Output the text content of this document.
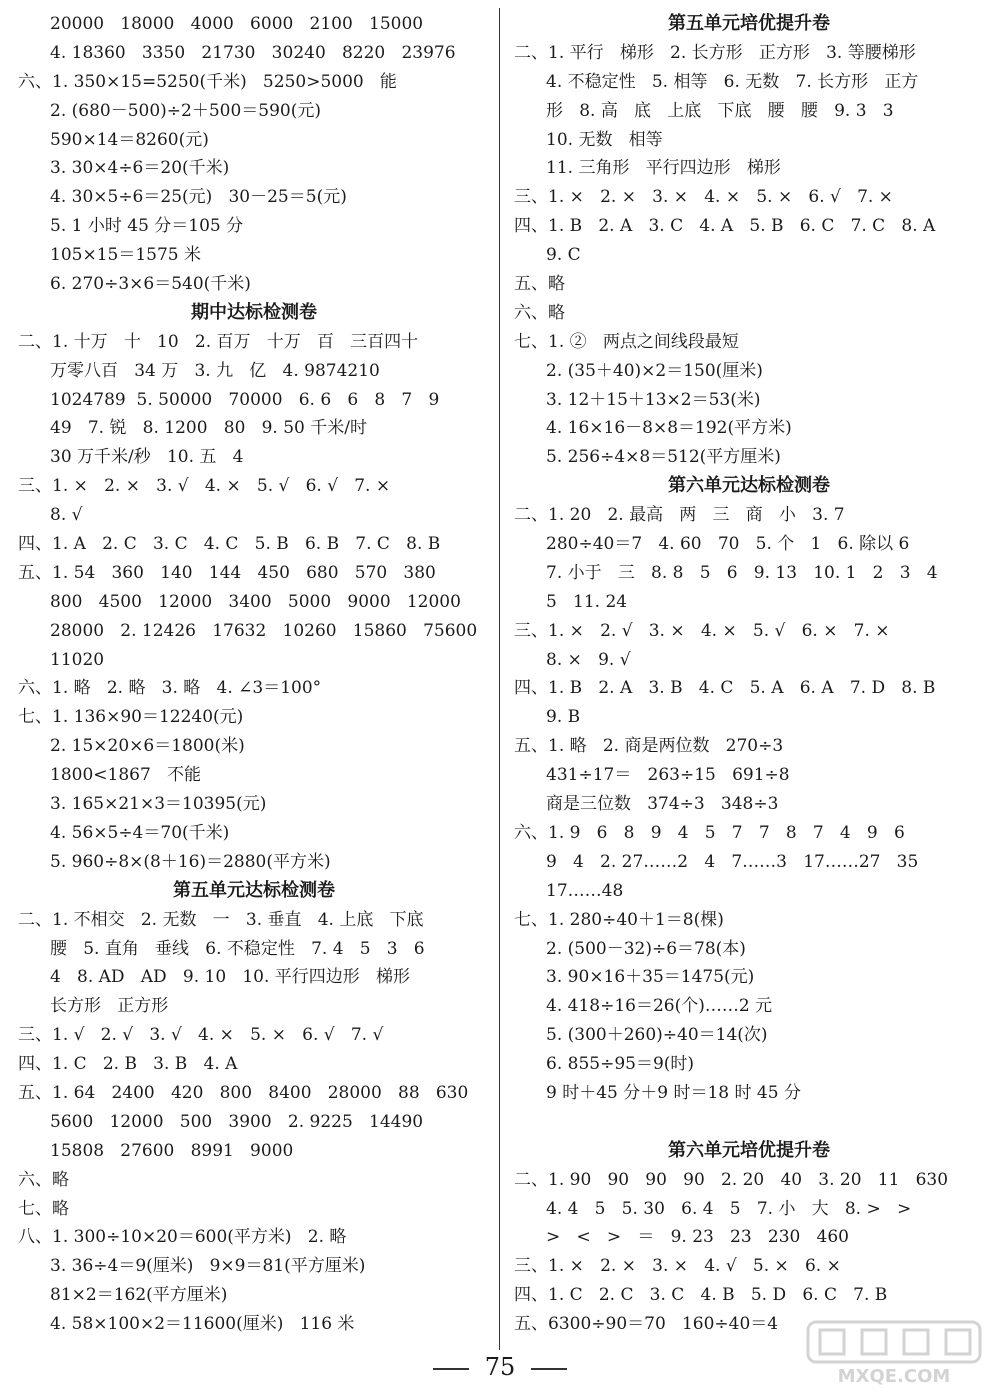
20000   18000   4000   6000   2100   15000
4. 18360   3350   21730   30240   8220   23976
六、1. 350×15=5250(千米)   5250>5000   能
2. (680－500)÷2＋500＝590(元)
590×14＝8260(元)
3. 30×4÷6＝20(千米)
4. 30×5÷6＝25(元)   30－25＝5(元)
5. 1 小时 45 分＝105 分
105×15＝1575 米
6. 270÷3×6＝540(千米)
期中达标检测卷
二、1. 十万   十   10   2. 百万   十万   百   三百四十
万零八百   34 万   3. 九   亿   4. 9874210
1024789  5. 50000   70000   6. 6   6   8   7   9
49   7. 锐   8. 1200   80   9. 50 千米/时
30 万千米/秒   10. 五   4
三、1. ×   2. ×   3. √   4. ×   5. √   6. √   7. ×
8. √
四、1. A   2. C   3. C   4. C   5. B   6. B   7. C   8. B
五、1. 54   360   140   144   450   680   570   380
800   4500   12000   3400   5000   9000   12000
28000   2. 12426   17632   10260   15860   75600
11020
六、1. 略   2. 略   3. 略   4. ∠3＝100°
七、1. 136×90＝12240(元)
2. 15×20×6＝1800(米)
1800<1867   不能
3. 165×21×3＝10395(元)
4. 56×5÷4＝70(千米)
5. 960÷8×(8＋16)＝2880(平方米)
第五单元达标检测卷
二、1. 不相交   2. 无数   一   3. 垂直   4. 上底   下底
腰   5. 直角   垂线   6. 不稳定性   7. 4   5   3   6
4   8. AD   AD   9. 10   10. 平行四边形   梯形
长方形   正方形
三、1. √   2. √   3. √   4. ×   5. ×   6. √   7. √
四、1. C   2. B   3. B   4. A
五、1. 64   2400   420   800   8400   28000   88   630
5600   12000   500   3900   2. 9225   14490
15808   27600   8991   9000
六、略
七、略
八、1. 300÷10×20＝600(平方米)   2. 略
3. 36÷4＝9(厘米)   9×9＝81(平方厘米)
81×2＝162(平方厘米)
4. 58×100×2＝11600(厘米)   116 米
第五单元培优提升卷
二、1. 平行   梯形   2. 长方形   正方形   3. 等腰梯形
4. 不稳定性   5. 相等   6. 无数   7. 长方形   正方
形   8. 高   底   上底   下底   腰   腰   9. 3   3
10. 无数   相等
11. 三角形   平行四边形   梯形
三、1. ×   2. ×   3. ×   4. ×   5. ×   6. √   7. ×
四、1. B   2. A   3. C   4. A   5. B   6. C   7. C   8. A
9. C
五、略
六、略
七、1. ②   两点之间线段最短
2. (35＋40)×2＝150(厘米)
3. 12＋15＋13×2＝53(米)
4. 16×16－8×8＝192(平方米)
5. 256÷4×8＝512(平方厘米)
第六单元达标检测卷
二、1. 20   2. 最高   两   三   商   小   3. 7
280÷40＝7   4. 60   70   5. 个   1   6. 除以 6
7. 小于   三   8. 8   5   6   9. 13   10. 1   2   3   4
5   11. 24
三、1. ×   2. √   3. ×   4. ×   5. √   6. ×   7. ×
8. ×   9. √
四、1. B   2. A   3. B   4. C   5. A   6. A   7. D   8. B
9. B
五、1. 略   2. 商是两位数   270÷3
431÷17＝   263÷15   691÷8
商是三位数   374÷3   348÷3
六、1. 9   6   8   9   4   5   7   7   8   7   4   9   6
9   4   2. 27……2   4   7……3   17……27   35
17……48
七、1. 280÷40＋1＝8(棵)
2. (500－32)÷6＝78(本)
3. 90×16＋35＝1475(元)
4. 418÷16＝26(个)……2 元
5. (300＋260)÷40＝14(次)
6. 855÷95＝9(时)
9 时＋45 分＋9 时＝18 时 45 分
第六单元培优提升卷
二、1. 90   90   90   90   2. 20   40   3. 20   11   630
4. 4   5   5. 30   6. 4   5   7. 小   大   8. >   >
>   <   >   ＝   9. 23   23   230   460
三、1. ×   2. ×   3. ×   4. √   5. ×   6. ×
四、1. C   2. C   3. C   4. B   5. D   6. C   7. B
五、6300÷90＝70   160÷40＝4
75	MXQE.COM
